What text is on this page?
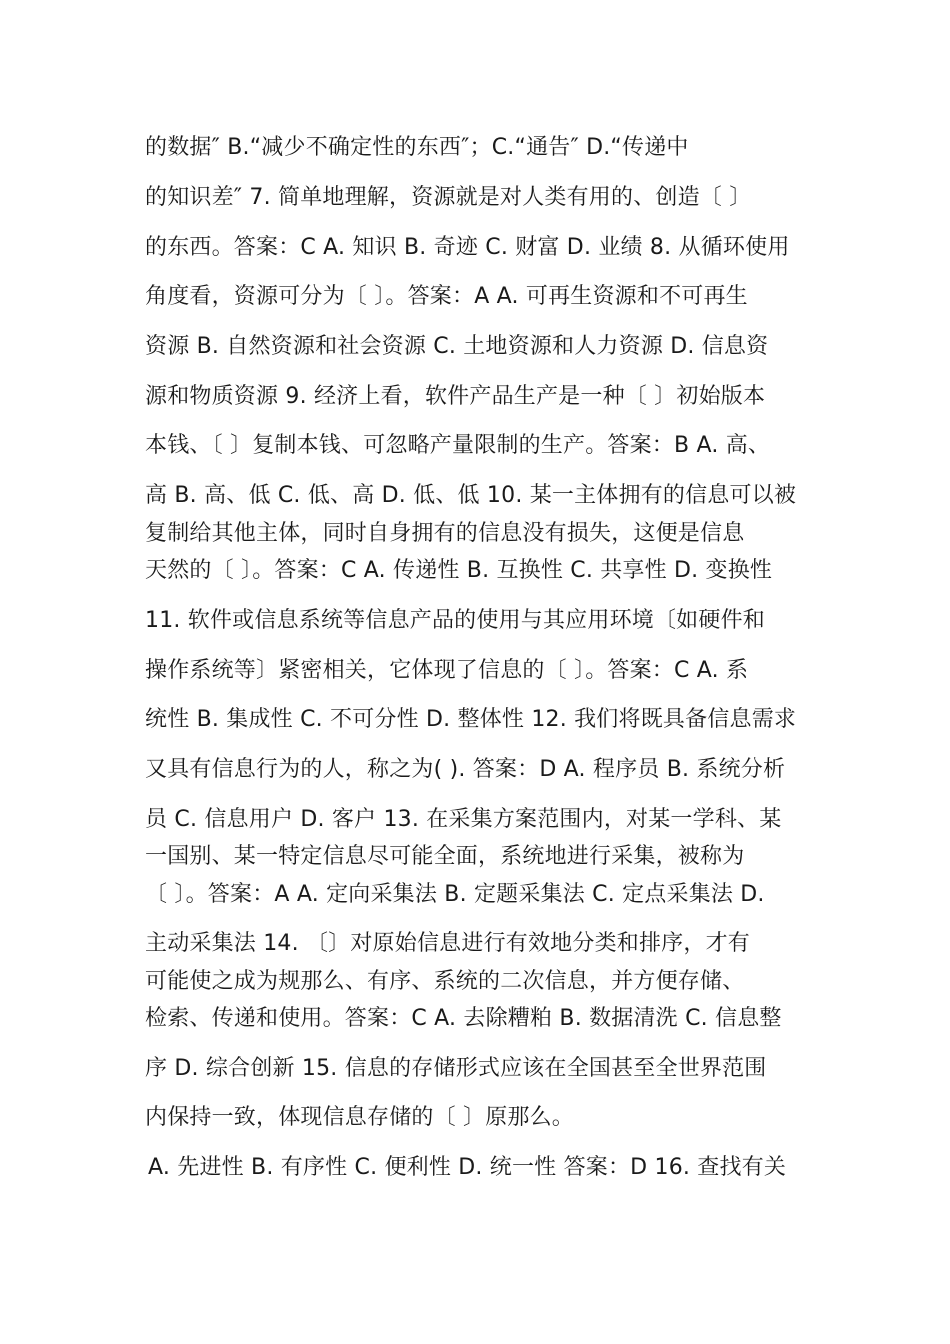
的数据″ B.“减少不确定性的东西″；C.“通告″ D.“传递中
的知识差″ 7. 简单地理解，资源就是对人类有用的、创造〔 〕
的东西。答案：C A. 知识 B. 奇迹 C. 财富 D. 业绩 8. 从循环使用
角度看，资源可分为〔 〕。答案：A A. 可再生资源和不可再生
资源 B. 自然资源和社会资源 C. 土地资源和人力资源 D. 信息资
源和物质资源 9. 经济上看，软件产品生产是一种〔 〕初始版本
本钱、〔 〕复制本钱、可忽略产量限制的生产。答案：B A. 高、
高 B. 高、低 C. 低、高 D. 低、低 10. 某一主体拥有的信息可以被
复制给其他主体，同时自身拥有的信息没有损失，这便是信息
天然的〔 〕。答案：C A. 传递性 B. 互换性 C. 共享性 D. 变换性
11. 软件或信息系统等信息产品的使用与其应用环境〔如硬件和
操作系统等〕紧密相关，它体现了信息的〔 〕。答案：C A. 系
统性 B. 集成性 C. 不可分性 D. 整体性 12. 我们将既具备信息需求
又具有信息行为的人，称之为( ). 答案：D A. 程序员 B. 系统分析
员 C. 信息用户 D. 客户 13. 在采集方案范围内，对某一学科、某
一国别、某一特定信息尽可能全面，系统地进行采集，被称为
〔 〕。答案：A A. 定向采集法 B. 定题采集法 C. 定点采集法 D.
主动采集法 14. 〔〕对原始信息进行有效地分类和排序，才有
可能使之成为规那么、有序、系统的二次信息，并方便存储、
检索、传递和使用。答案：C A. 去除糟粕 B. 数据清洗 C. 信息整
序 D. 综合创新 15. 信息的存储形式应该在全国甚至全世界范围
内保持一致，体现信息存储的〔 〕原那么。
A. 先进性 B. 有序性 C. 便利性 D. 统一性 答案：D 16. 查找有关
